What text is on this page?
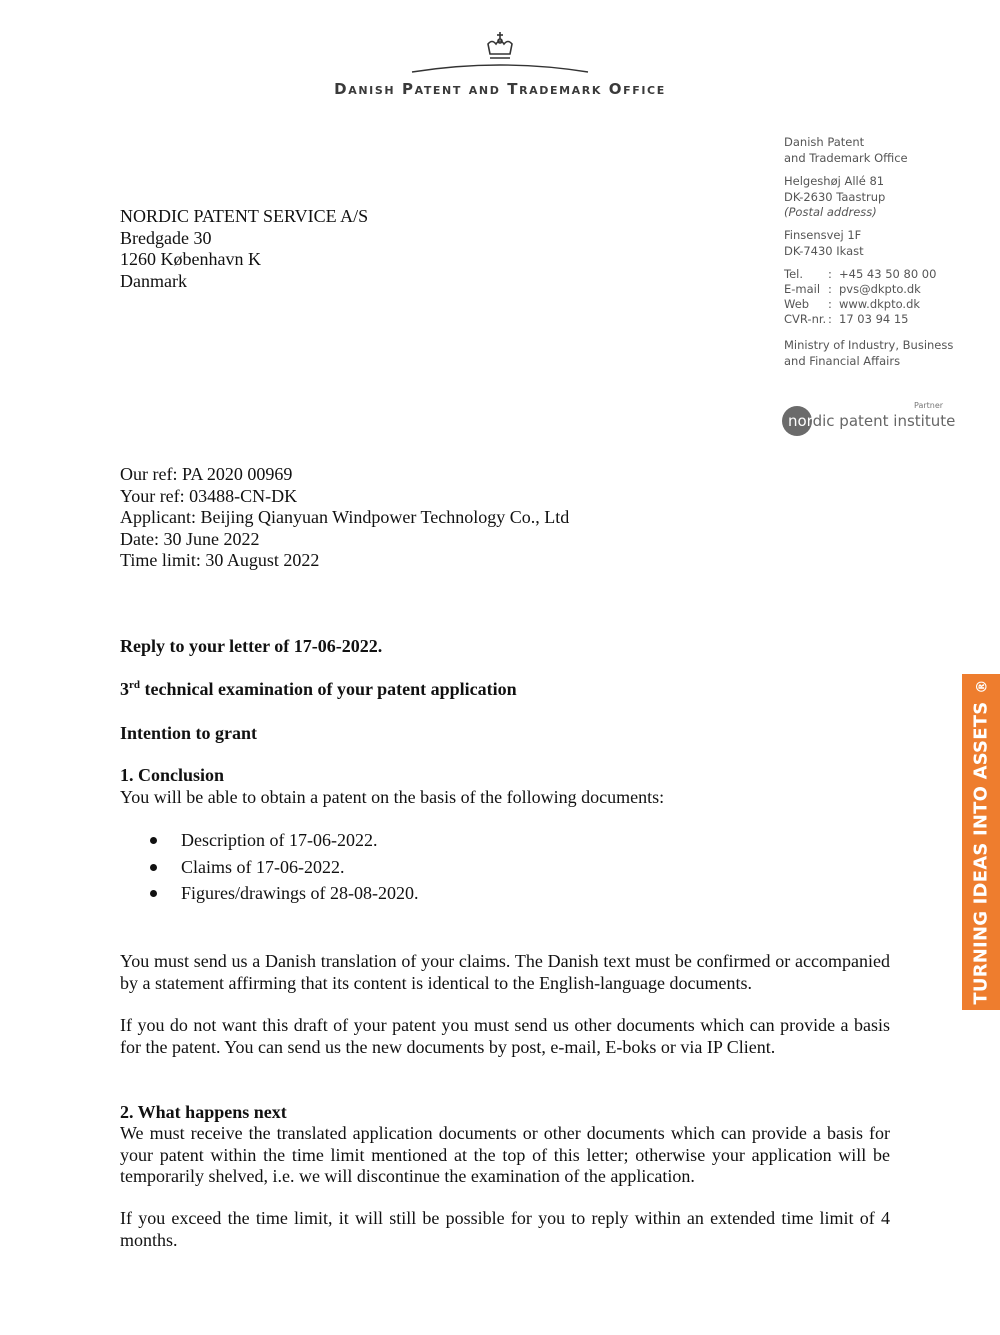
Danish Patent and Trademark Office
Danish Patent
and Trademark Office
Helgeshøj Allé 81
DK-2630 Taastrup
(Postal address)
Finsensvej 1F
DK-7430 Ikast
Tel. : +45 43 50 80 00
E-mail : pvs@dkpto.dk
Web : www.dkpto.dk
CVR-nr. : 17 03 94 15
Ministry of Industry, Business
and Financial Affairs
Partner
nordic patent institute
NORDIC PATENT SERVICE A/S
Bredgade 30
1260 København K
Danmark
Our ref: PA 2020 00969
Your ref: 03488-CN-DK
Applicant: Beijing Qianyuan Windpower Technology Co., Ltd
Date: 30 June 2022
Time limit: 30 August 2022
Reply to your letter of 17-06-2022.
3rd technical examination of your patent application
Intention to grant
1. Conclusion
You will be able to obtain a patent on the basis of the following documents:
Description of 17-06-2022.
Claims of 17-06-2022.
Figures/drawings of 28-08-2020.
You must send us a Danish translation of your claims. The Danish text must be confirmed or accompanied by a statement affirming that its content is identical to the English-language documents.
If you do not want this draft of your patent you must send us other documents which can provide a basis for the patent. You can send us the new documents by post, e-mail, E-boks or via IP Client.
2. What happens next
We must receive the translated application documents or other documents which can provide a basis for your patent within the time limit mentioned at the top of this letter; otherwise your application will be temporarily shelved, i.e. we will discontinue the examination of the application.
If you exceed the time limit, it will still be possible for you to reply within an extended time limit of 4 months.
TURNING IDEAS INTO ASSETS®
